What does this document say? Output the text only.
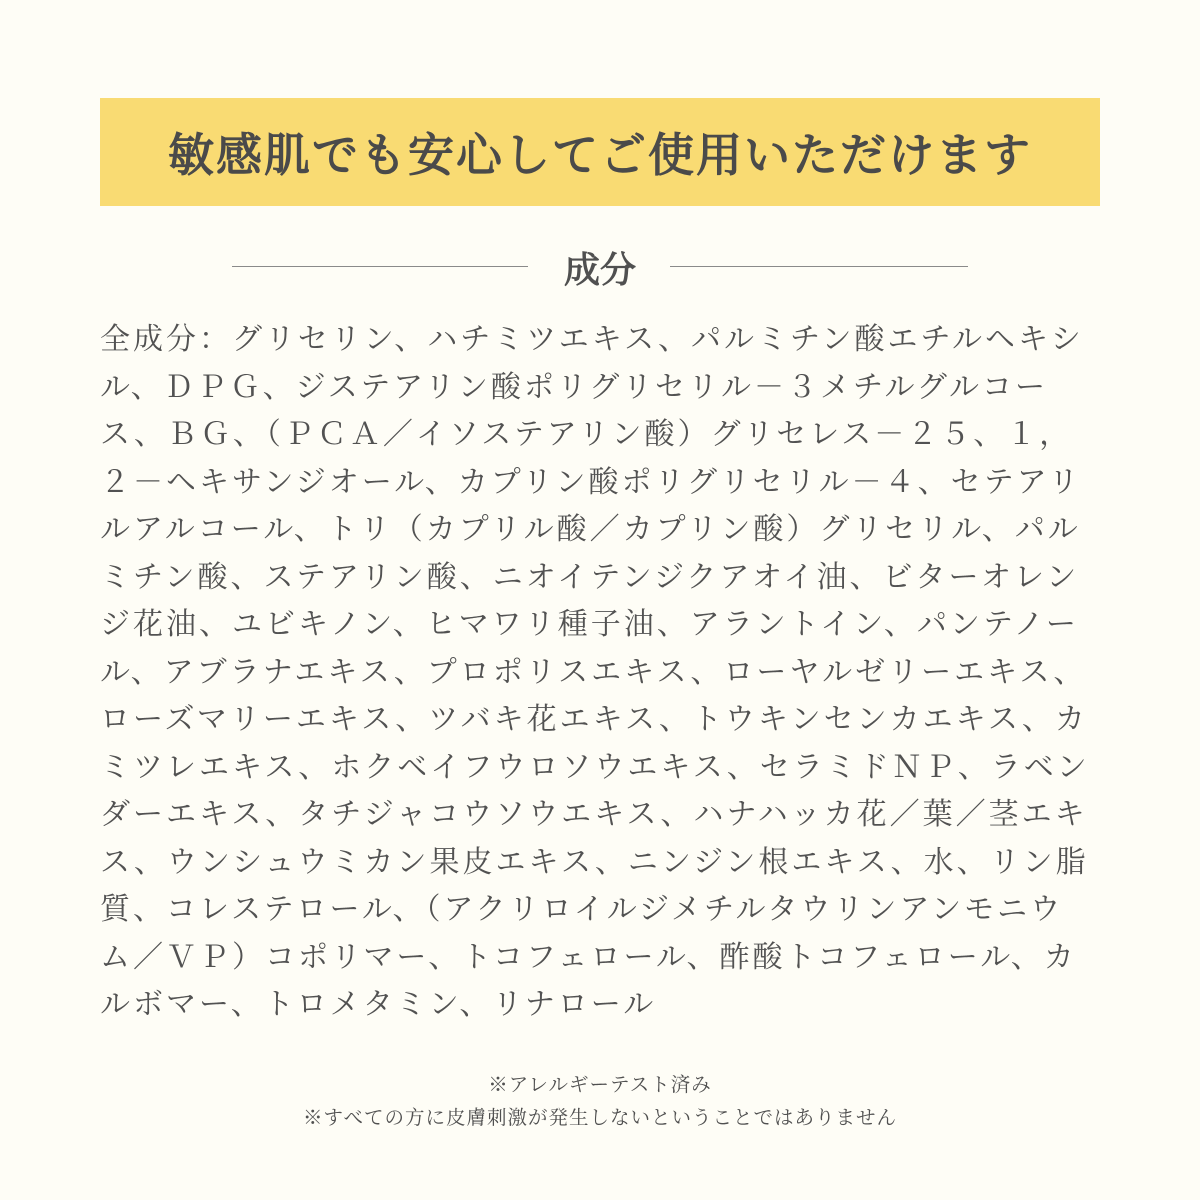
敏感肌でも安心してご使用いただけます
成分
全成分：グリセリン、ハチミツエキス、パルミチン酸エチルヘキシ
ル、ＤＰＧ、ジステアリン酸ポリグリセリル－３メチルグルコー
ス、ＢＧ、（ＰＣＡ／イソステアリン酸）グリセレス－２５、１，
２－ヘキサンジオール、カプリン酸ポリグリセリル－４、セテアリ
ルアルコール、トリ（カプリル酸／カプリン酸）グリセリル、パル
ミチン酸、ステアリン酸、ニオイテンジクアオイ油、ビターオレン
ジ花油、ユビキノン、ヒマワリ種子油、アラントイン、パンテノー
ル、アブラナエキス、プロポリスエキス、ローヤルゼリーエキス、
ローズマリーエキス、ツバキ花エキス、トウキンセンカエキス、カ
ミツレエキス、ホクベイフウロソウエキス、セラミドＮＰ、ラベン
ダーエキス、タチジャコウソウエキス、ハナハッカ花／葉／茎エキ
ス、ウンシュウミカン果皮エキス、ニンジン根エキス、水、リン脂
質、コレステロール、（アクリロイルジメチルタウリンアンモニウ
ム／ＶＰ）コポリマー、トコフェロール、酢酸トコフェロール、カ
ルボマー、トロメタミン、リナロール
※アレルギーテスト済み
※すべての方に皮膚刺激が発生しないということではありません
